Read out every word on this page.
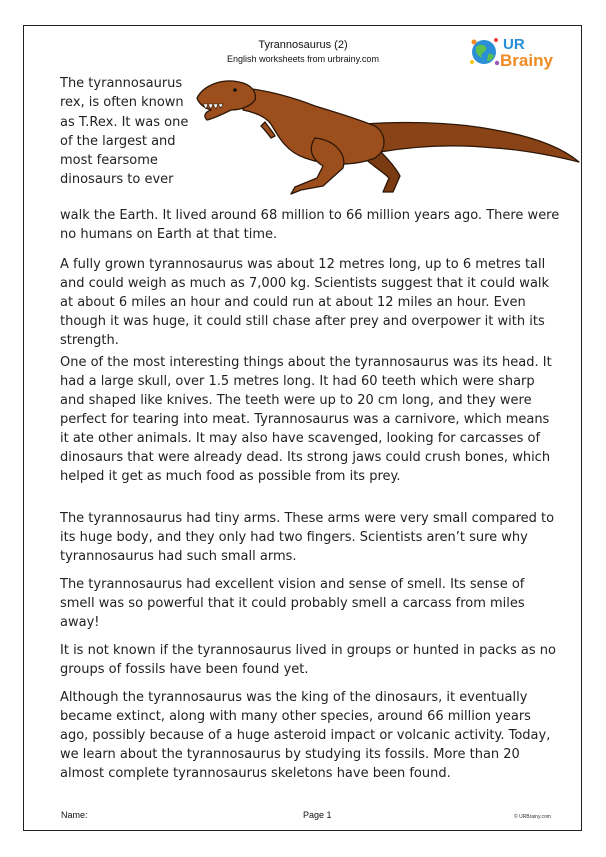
Tyrannosaurus (2)
English worksheets from urbrainy.com
UR
Brainy

The tyrannosaurus rex, is often known as T.Rex. It was one of the largest and most fearsome dinosaurs to ever

walk the Earth. It lived around 68 million to 66 million years ago. There were no humans on Earth at that time.

A fully grown tyrannosaurus was about 12 metres long, up to 6 metres tall and could weigh as much as 7,000 kg. Scientists suggest that it could walk at about 6 miles an hour and could run at about 12 miles an hour. Even though it was huge, it could still chase after prey and overpower it with its strength.

One of the most interesting things about the tyrannosaurus was its head. It had a large skull, over 1.5 metres long. It had 60 teeth which were sharp and shaped like knives. The teeth were up to 20 cm long, and they were perfect for tearing into meat. Tyrannosaurus was a carnivore, which means it ate other animals. It may also have scavenged, looking for carcasses of dinosaurs that were already dead. Its strong jaws could crush bones, which helped it get as much food as possible from its prey.

The tyrannosaurus had tiny arms. These arms were very small compared to its huge body, and they only had two fingers. Scientists aren’t sure why tyrannosaurus had such small arms.

The tyrannosaurus had excellent vision and sense of smell. Its sense of smell was so powerful that it could probably smell a carcass from miles away!

It is not known if the tyrannosaurus lived in groups or hunted in packs as no groups of fossils have been found yet.

Although the tyrannosaurus was the king of the dinosaurs, it eventually became extinct, along with many other species, around 66 million years ago, possibly because of a huge asteroid impact or volcanic activity. Today, we learn about the tyrannosaurus by studying its fossils. More than 20 almost complete tyrannosaurus skeletons have been found.

Name:	Page 1	© URBrainy.com
